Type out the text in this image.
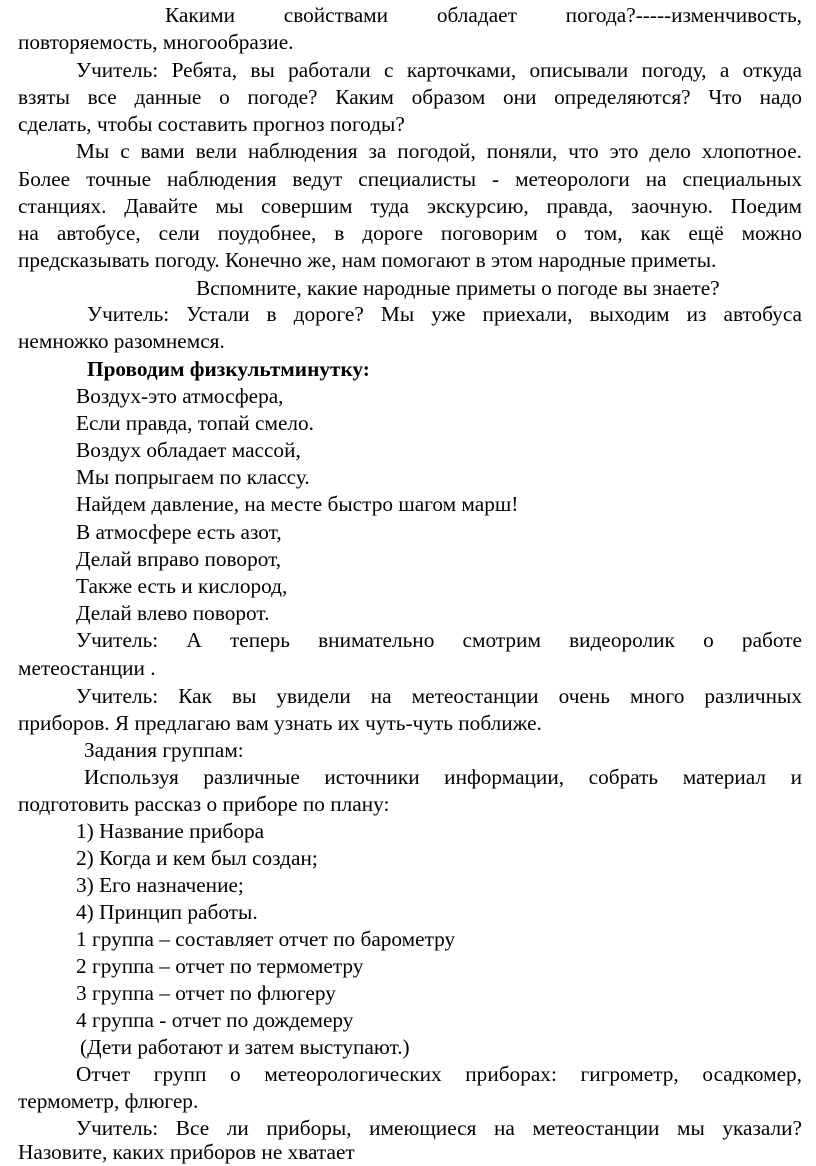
Какими свойствами обладает погода?-----изменчивость,

повторяемость, многообразие.

Учитель: Ребята, вы работали с карточками, описывали погоду, а откуда

взяты все данные о погоде? Каким образом они определяются? Что надо

сделать, чтобы составить прогноз погоды?

Мы с вами вели наблюдения за погодой, поняли, что это дело хлопотное.

Более точные наблюдения ведут специалисты - метеорологи на специальных

станциях. Давайте мы совершим туда экскурсию, правда, заочную. Поедим

на автобусе, сели поудобнее, в дороге поговорим о том, как ещё можно

предсказывать погоду. Конечно же, нам помогают в этом народные приметы.

Вспомните, какие народные приметы о погоде вы знаете?

Учитель: Устали в дороге? Мы уже приехали, выходим из автобуса

немножко разомнемся.

Проводим физкультминутку:

Воздух-это атмосфера,

Если правда, топай смело.

Воздух обладает массой,

Мы попрыгаем по классу.

Найдем давление, на месте быстро шагом марш!

В атмосфере есть азот,

Делай вправо поворот,

Также есть и кислород,

Делай влево поворот.

Учитель: А теперь внимательно смотрим видеоролик о работе

метеостанции .

Учитель: Как вы увидели на метеостанции очень много различных

приборов. Я предлагаю вам узнать их чуть-чуть поближе.

Задания группам:

Используя различные источники информации, собрать материал и

подготовить рассказ о приборе по плану:

1) Название прибора

2) Когда и кем был создан;

3) Его назначение;

4) Принцип работы.

1 группа – составляет отчет по барометру

2 группа – отчет по термометру

3 группа – отчет по флюгеру

4 группа - отчет по дождемеру

(Дети работают и затем выступают.)

Отчет групп о метеорологических приборах: гигрометр, осадкомер,

термометр, флюгер.

Учитель: Все ли приборы, имеющиеся на метеостанции мы указали?

Назовите, каких приборов не хватает
